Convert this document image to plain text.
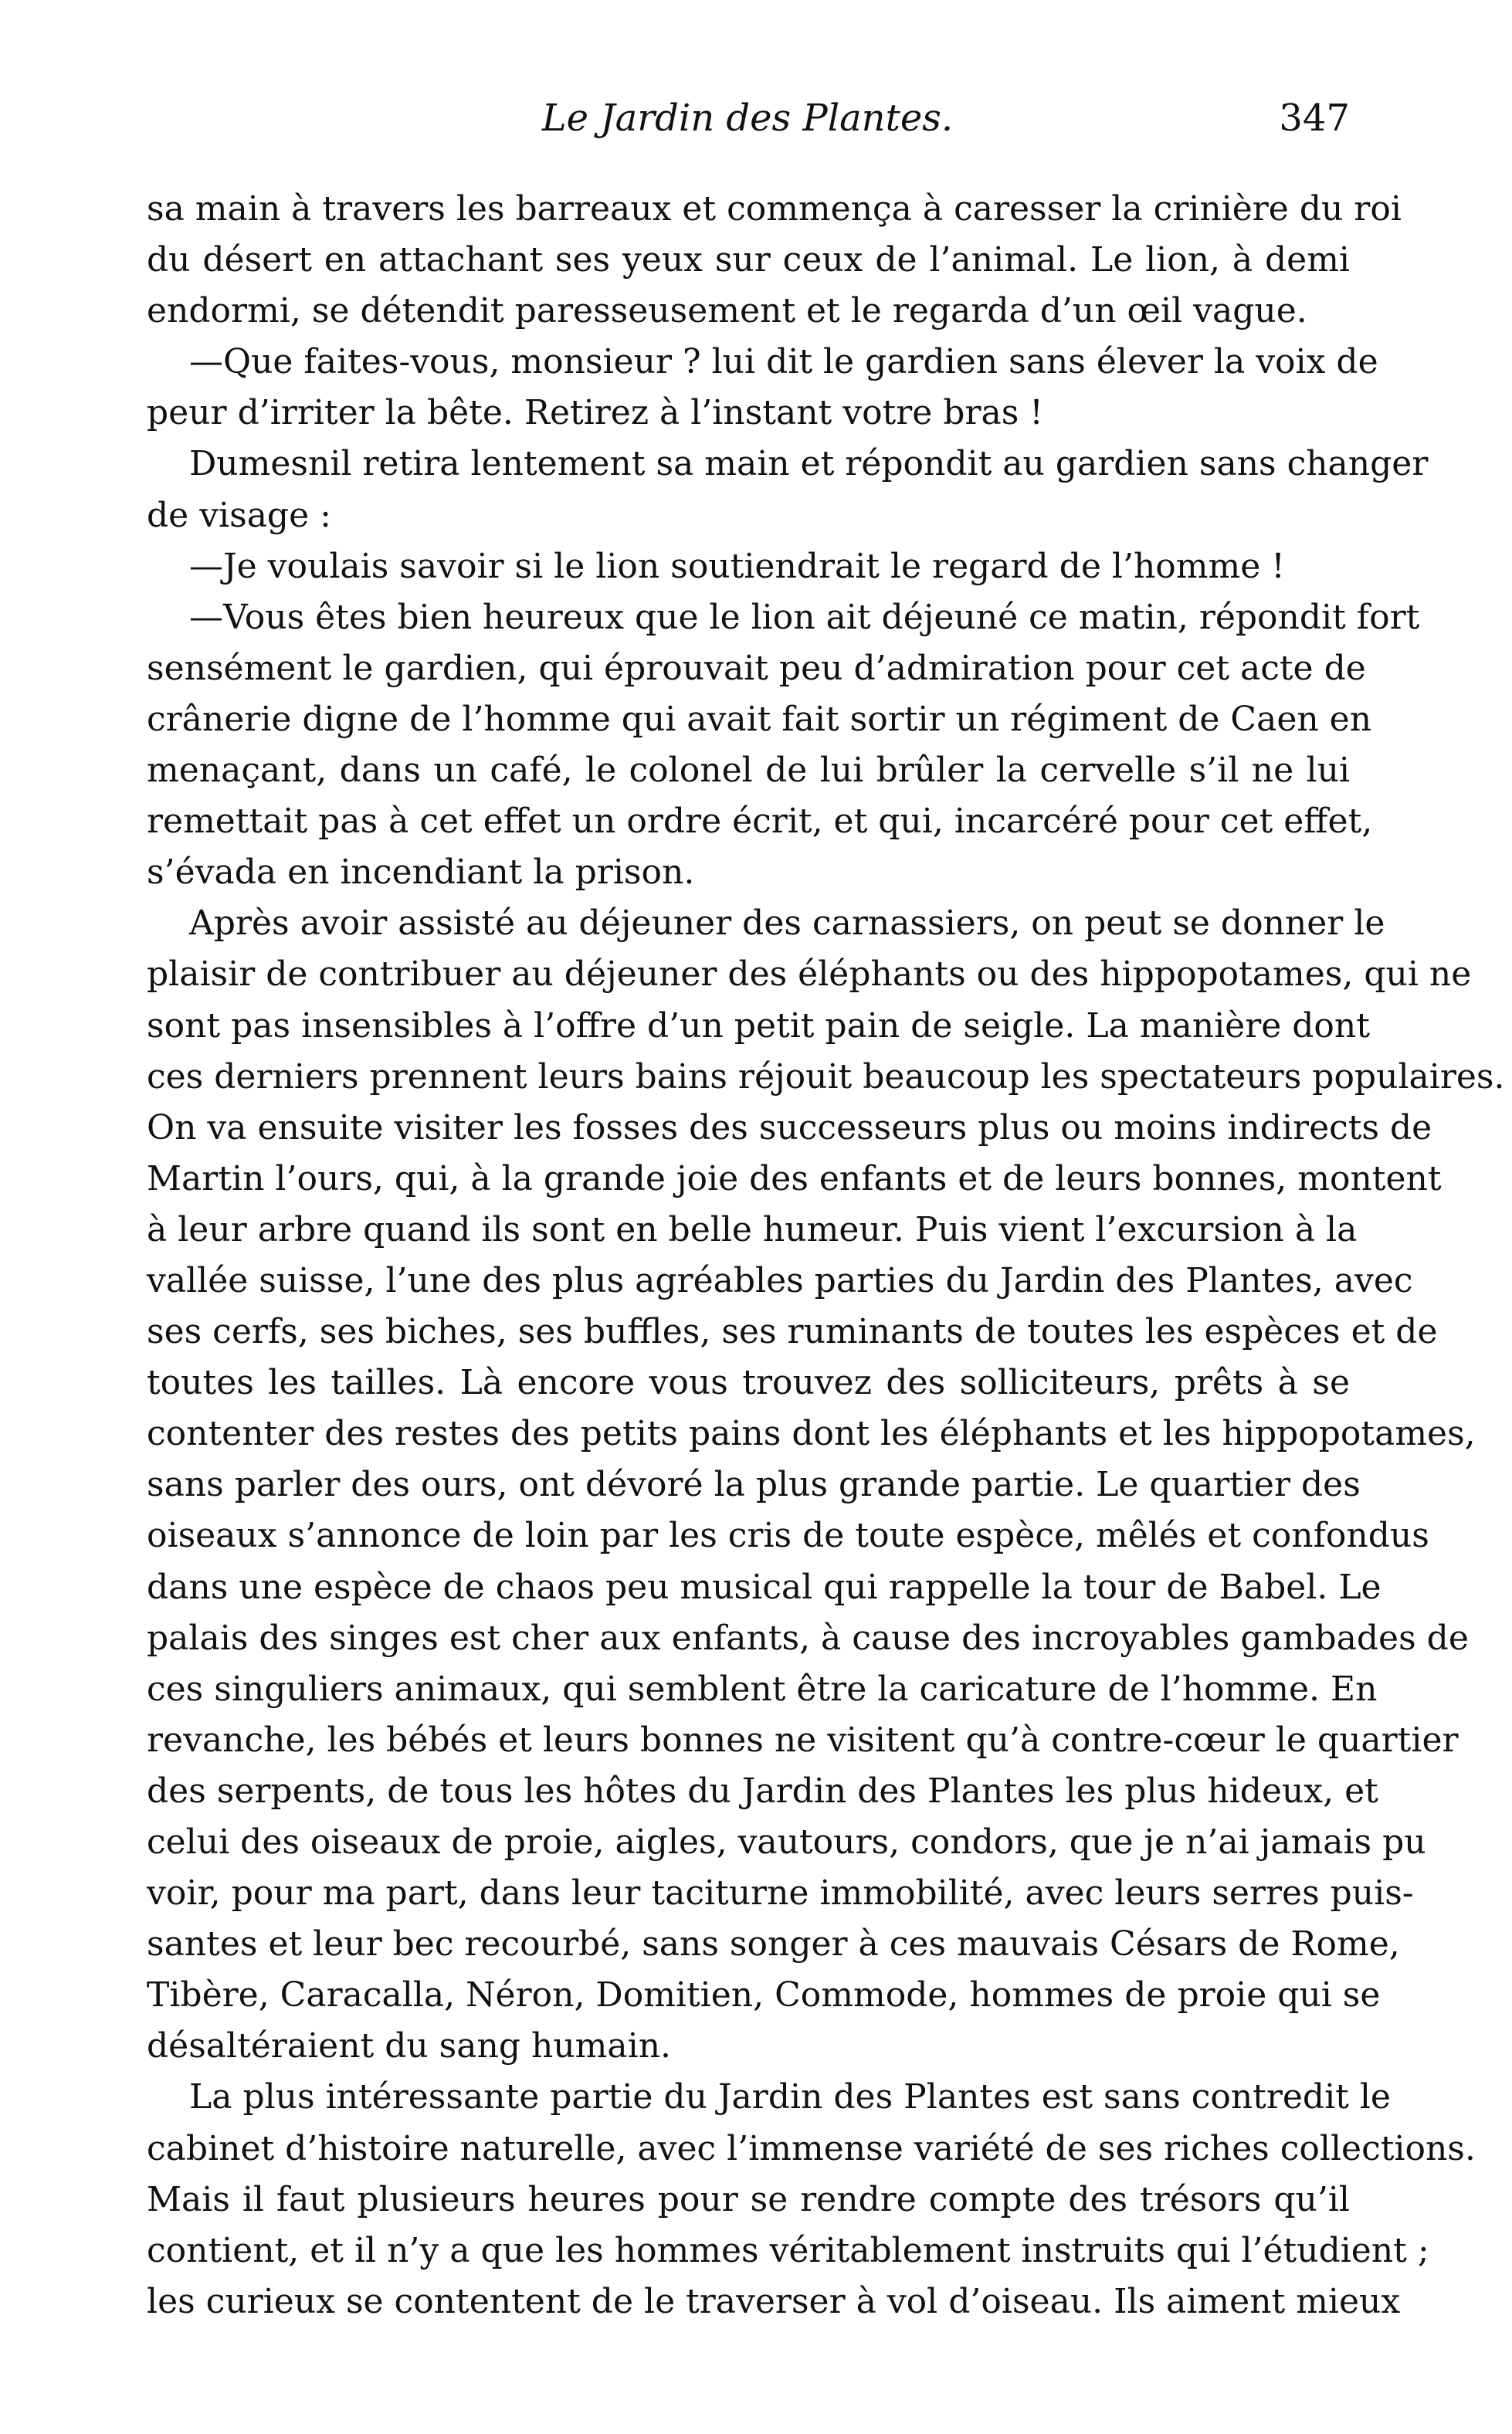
Le Jardin des Plantes.	347
sa main à travers les barreaux et commença à caresser la crinière du roi
du désert en attachant ses yeux sur ceux de l’animal. Le lion, à demi
endormi, se détendit paresseusement et le regarda d’un œil vague.
—Que faites-vous, monsieur ? lui dit le gardien sans élever la voix de
peur d’irriter la bête. Retirez à l’instant votre bras !
Dumesnil retira lentement sa main et répondit au gardien sans changer
de visage :
—Je voulais savoir si le lion soutiendrait le regard de l’homme !
—Vous êtes bien heureux que le lion ait déjeuné ce matin, répondit fort
sensément le gardien, qui éprouvait peu d’admiration pour cet acte de
crânerie digne de l’homme qui avait fait sortir un régiment de Caen en
menaçant, dans un café, le colonel de lui brûler la cervelle s’il ne lui
remettait pas à cet effet un ordre écrit, et qui, incarcéré pour cet effet,
s’évada en incendiant la prison.
Après avoir assisté au déjeuner des carnassiers, on peut se donner le
plaisir de contribuer au déjeuner des éléphants ou des hippopotames, qui ne
sont pas insensibles à l’offre d’un petit pain de seigle. La manière dont
ces derniers prennent leurs bains réjouit beaucoup les spectateurs populaires.
On va ensuite visiter les fosses des successeurs plus ou moins indirects de
Martin l’ours, qui, à la grande joie des enfants et de leurs bonnes, montent
à leur arbre quand ils sont en belle humeur. Puis vient l’excursion à la
vallée suisse, l’une des plus agréables parties du Jardin des Plantes, avec
ses cerfs, ses biches, ses buffles, ses ruminants de toutes les espèces et de
toutes les tailles. Là encore vous trouvez des solliciteurs, prêts à se
contenter des restes des petits pains dont les éléphants et les hippopotames,
sans parler des ours, ont dévoré la plus grande partie. Le quartier des
oiseaux s’annonce de loin par les cris de toute espèce, mêlés et confondus
dans une espèce de chaos peu musical qui rappelle la tour de Babel. Le
palais des singes est cher aux enfants, à cause des incroyables gambades de
ces singuliers animaux, qui semblent être la caricature de l’homme. En
revanche, les bébés et leurs bonnes ne visitent qu’à contre-cœur le quartier
des serpents, de tous les hôtes du Jardin des Plantes les plus hideux, et
celui des oiseaux de proie, aigles, vautours, condors, que je n’ai jamais pu
voir, pour ma part, dans leur taciturne immobilité, avec leurs serres puis-
santes et leur bec recourbé, sans songer à ces mauvais Césars de Rome,
Tibère, Caracalla, Néron, Domitien, Commode, hommes de proie qui se
désaltéraient du sang humain.
La plus intéressante partie du Jardin des Plantes est sans contredit le
cabinet d’histoire naturelle, avec l’immense variété de ses riches collections.
Mais il faut plusieurs heures pour se rendre compte des trésors qu’il
contient, et il n’y a que les hommes véritablement instruits qui l’étudient ;
les curieux se contentent de le traverser à vol d’oiseau. Ils aiment mieux
